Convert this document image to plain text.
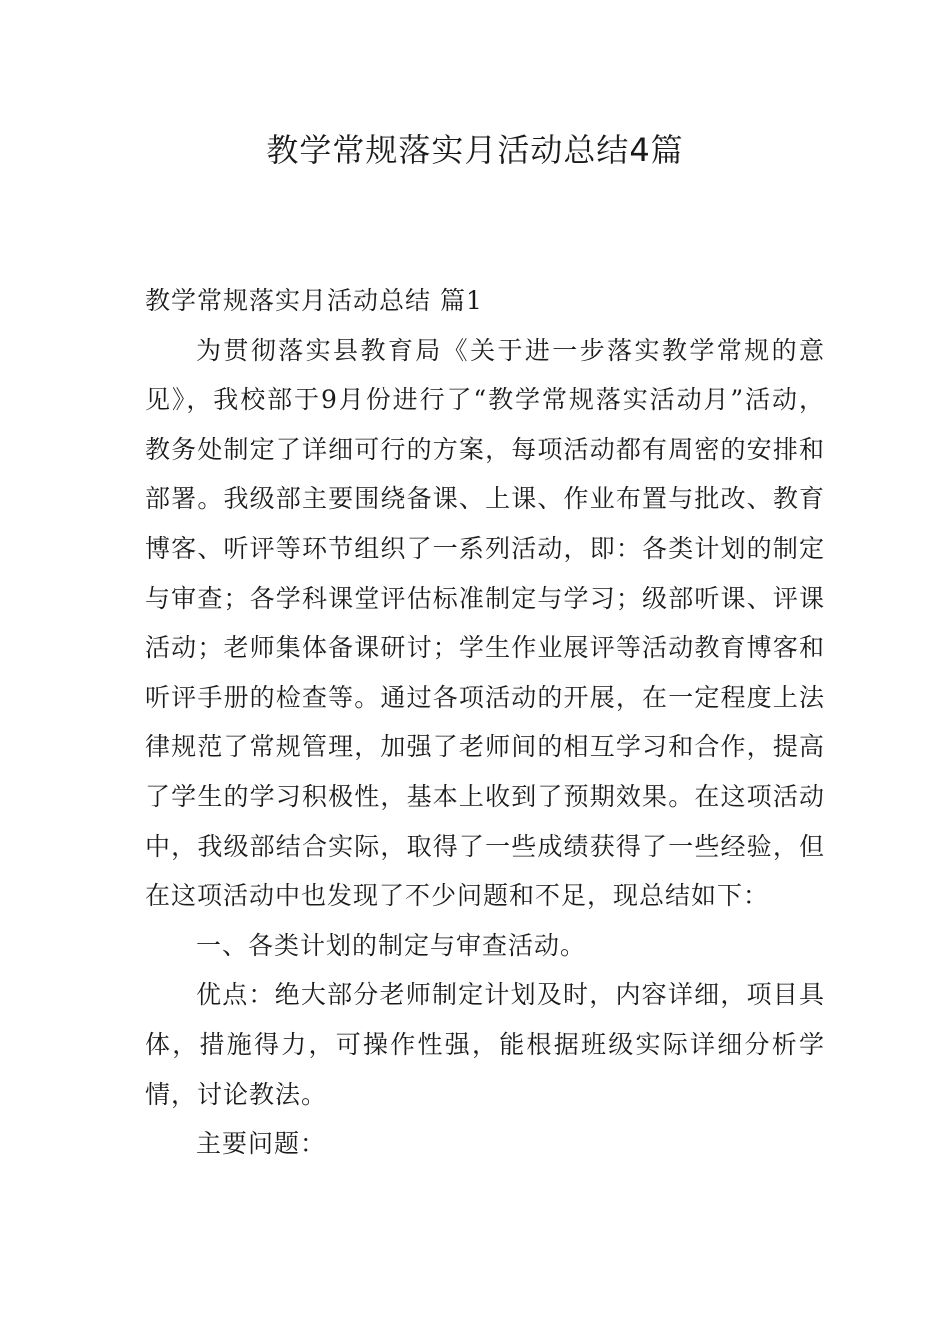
教学常规落实月活动总结4篇

教学常规落实月活动总结 篇1

为贯彻落实县教育局《关于进一步落实教学常规的意见》，我校部于9月份进行了“教学常规落实活动月”活动，教务处制定了详细可行的方案，每项活动都有周密的安排和部署。我级部主要围绕备课、上课、作业布置与批改、教育博客、听评等环节组织了一系列活动，即：各类计划的制定与审查；各学科课堂评估标准制定与学习；级部听课、评课活动；老师集体备课研讨；学生作业展评等活动教育博客和听评手册的检查等。通过各项活动的开展，在一定程度上法律规范了常规管理，加强了老师间的相互学习和合作，提高了学生的学习积极性，基本上收到了预期效果。在这项活动中，我级部结合实际，取得了一些成绩获得了一些经验，但在这项活动中也发现了不少问题和不足，现总结如下：

一、各类计划的制定与审查活动。

优点：绝大部分老师制定计划及时，内容详细，项目具体，措施得力，可操作性强，能根据班级实际详细分析学情，讨论教法。

主要问题：
